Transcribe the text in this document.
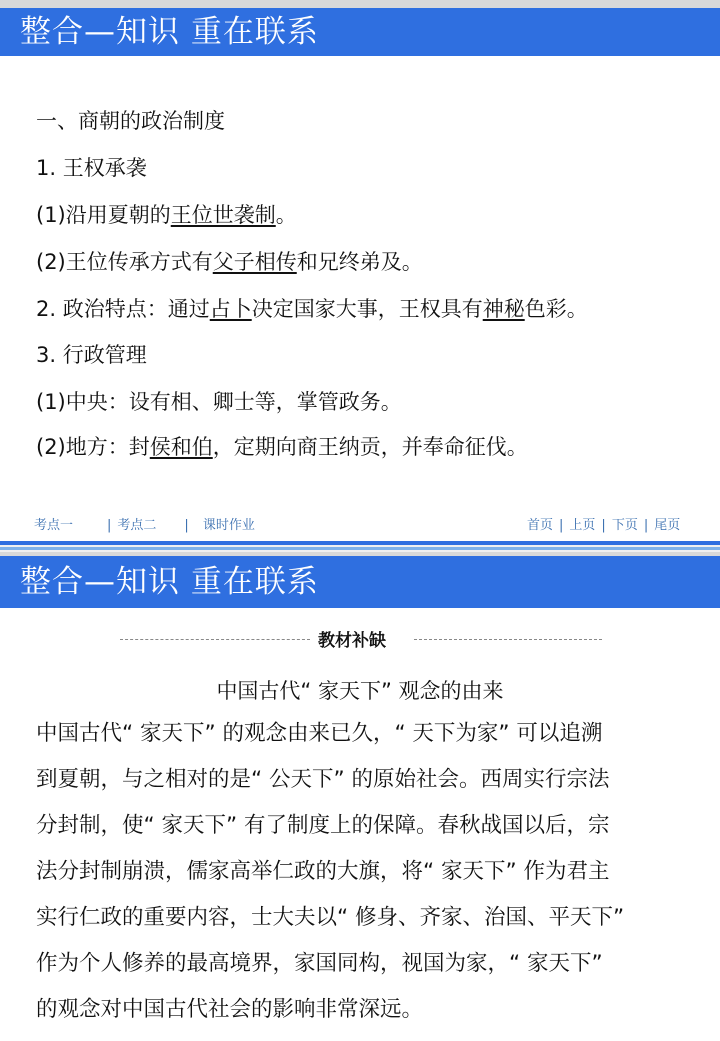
整合—知识 重在联系
一、商朝的政治制度
1. 王权承袭
(1)沿用夏朝的王位世袭制。
(2)王位传承方式有父子相传和兄终弟及。
2. 政治特点：通过占卜决定国家大事，王权具有神秘色彩。
3. 行政管理
(1)中央：设有相、卿士等，掌管政务。
(2)地方：封侯和伯，定期向商王纳贡，并奉命征伐。
考点一	| 考点二 | 课时作业	首页 | 上页 | 下页 | 尾页
整合—知识 重在联系
教材补缺
中国古代“ 家天下” 观念的由来
中国古代“ 家天下” 的观念由来已久，“ 天下为家” 可以追溯
到夏朝，与之相对的是“ 公天下” 的原始社会。西周实行宗法
分封制，使“ 家天下” 有了制度上的保障。春秋战国以后，宗
法分封制崩溃，儒家高举仁政的大旗，将“ 家天下” 作为君主
实行仁政的重要内容，士大夫以“ 修身、齐家、治国、平天下”
作为个人修养的最高境界，家国同构，视国为家，“ 家天下”
的观念对中国古代社会的影响非常深远。
